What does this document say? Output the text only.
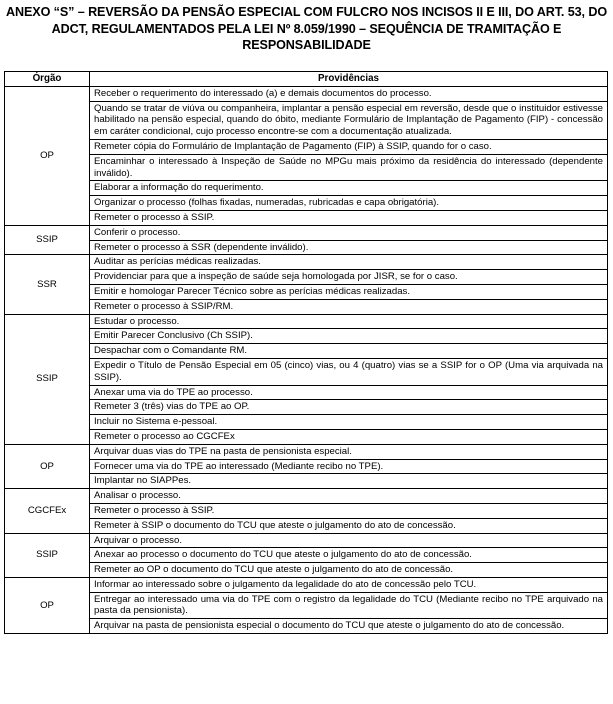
ANEXO “S” – REVERSÃO DA PENSÃO ESPECIAL COM FULCRO NOS INCISOS II E III, DO ART. 53, DO
ADCT, REGULAMENTADOS PELA LEI Nº 8.059/1990 – SEQUÊNCIA DE TRAMITAÇÃO E
RESPONSABILIDADE
Órgão	Providências
OP	Receber o requerimento do interessado (a) e demais documentos do processo.
	Quando se tratar de viúva ou companheira, implantar a pensão especial em reversão, desde que o instituidor estivesse habilitado na pensão especial, quando do óbito, mediante Formulário de Implantação de Pagamento (FIP) - concessão em caráter condicional, cujo processo encontre-se com a documentação atualizada.
	Remeter cópia do Formulário de Implantação de Pagamento (FIP) à SSIP, quando for o caso.
	Encaminhar o interessado à Inspeção de Saúde no MPGu mais próximo da residência do interessado (dependente inválido).
	Elaborar a informação do requerimento.
	Organizar o processo (folhas fixadas, numeradas, rubricadas e capa obrigatória).
	Remeter o processo à SSIP.
SSIP	Conferir o processo.
	Remeter o processo à SSR (dependente inválido).
SSR	Auditar as perícias médicas realizadas.
	Providenciar para que a inspeção de saúde seja homologada por JISR, se for o caso.
	Emitir e homologar Parecer Técnico sobre as perícias médicas realizadas.
	Remeter o processo à SSIP/RM.
SSIP	Estudar o processo.
	Emitir Parecer Conclusivo (Ch SSIP).
	Despachar com o Comandante RM.
	Expedir o Título de Pensão Especial em 05 (cinco) vias, ou 4 (quatro) vias se a SSIP for o OP (Uma via arquivada na SSIP).
	Anexar uma via do TPE ao processo.
	Remeter 3 (três) vias do TPE ao OP.
	Incluir no Sistema e-pessoal.
	Remeter o processo ao CGCFEx
OP	Arquivar duas vias do TPE na pasta de pensionista especial.
	Fornecer uma via do TPE ao interessado (Mediante recibo no TPE).
	Implantar no SIAPPes.
CGCFEx	Analisar o processo.
	Remeter o processo à SSIP.
	Remeter à SSIP o documento do TCU que ateste o julgamento do ato de concessão.
SSIP	Arquivar o processo.
	Anexar ao processo o documento do TCU que ateste o julgamento do ato de concessão.
	Remeter ao OP o documento do TCU que ateste o julgamento do ato de concessão.
OP	Informar ao interessado sobre o julgamento da legalidade do ato de concessão pelo TCU.
	Entregar ao interessado uma via do TPE com o registro da legalidade do TCU (Mediante recibo no TPE arquivado na pasta da pensionista).
	Arquivar na pasta de pensionista especial o documento do TCU que ateste o julgamento do ato de concessão.
